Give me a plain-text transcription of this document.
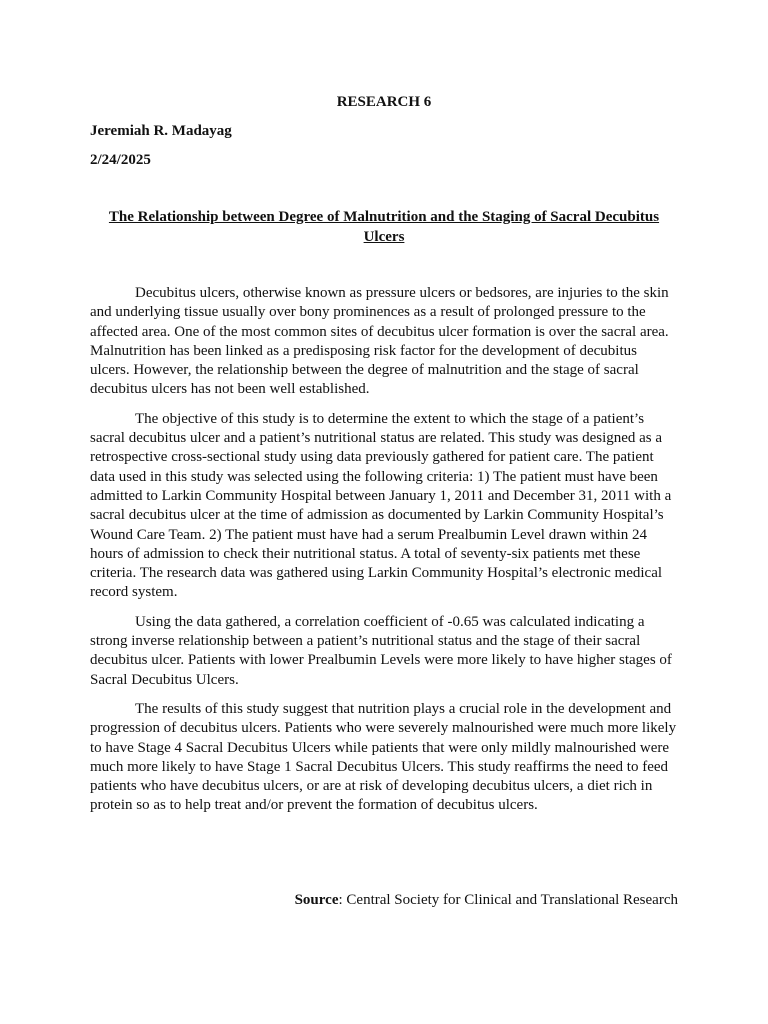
RESEARCH 6

Jeremiah R. Madayag

2/24/2025

The Relationship between Degree of Malnutrition and the Staging of Sacral Decubitus Ulcers

Decubitus ulcers, otherwise known as pressure ulcers or bedsores, are injuries to the skin and underlying tissue usually over bony prominences as a result of prolonged pressure to the affected area. One of the most common sites of decubitus ulcer formation is over the sacral area. Malnutrition has been linked as a predisposing risk factor for the development of decubitus ulcers. However, the relationship between the degree of malnutrition and the stage of sacral decubitus ulcers has not been well established.

The objective of this study is to determine the extent to which the stage of a patient’s sacral decubitus ulcer and a patient’s nutritional status are related. This study was designed as a retrospective cross-sectional study using data previously gathered for patient care. The patient data used in this study was selected using the following criteria: 1) The patient must have been admitted to Larkin Community Hospital between January 1, 2011 and December 31, 2011 with a sacral decubitus ulcer at the time of admission as documented by Larkin Community Hospital’s Wound Care Team. 2) The patient must have had a serum Prealbumin Level drawn within 24 hours of admission to check their nutritional status. A total of seventy-six patients met these criteria. The research data was gathered using Larkin Community Hospital’s electronic medical record system.

Using the data gathered, a correlation coefficient of -0.65 was calculated indicating a strong inverse relationship between a patient’s nutritional status and the stage of their sacral decubitus ulcer. Patients with lower Prealbumin Levels were more likely to have higher stages of Sacral Decubitus Ulcers.

The results of this study suggest that nutrition plays a crucial role in the development and progression of decubitus ulcers. Patients who were severely malnourished were much more likely to have Stage 4 Sacral Decubitus Ulcers while patients that were only mildly malnourished were much more likely to have Stage 1 Sacral Decubitus Ulcers. This study reaffirms the need to feed patients who have decubitus ulcers, or are at risk of developing decubitus ulcers, a diet rich in protein so as to help treat and/or prevent the formation of decubitus ulcers.

Source: Central Society for Clinical and Translational Research
